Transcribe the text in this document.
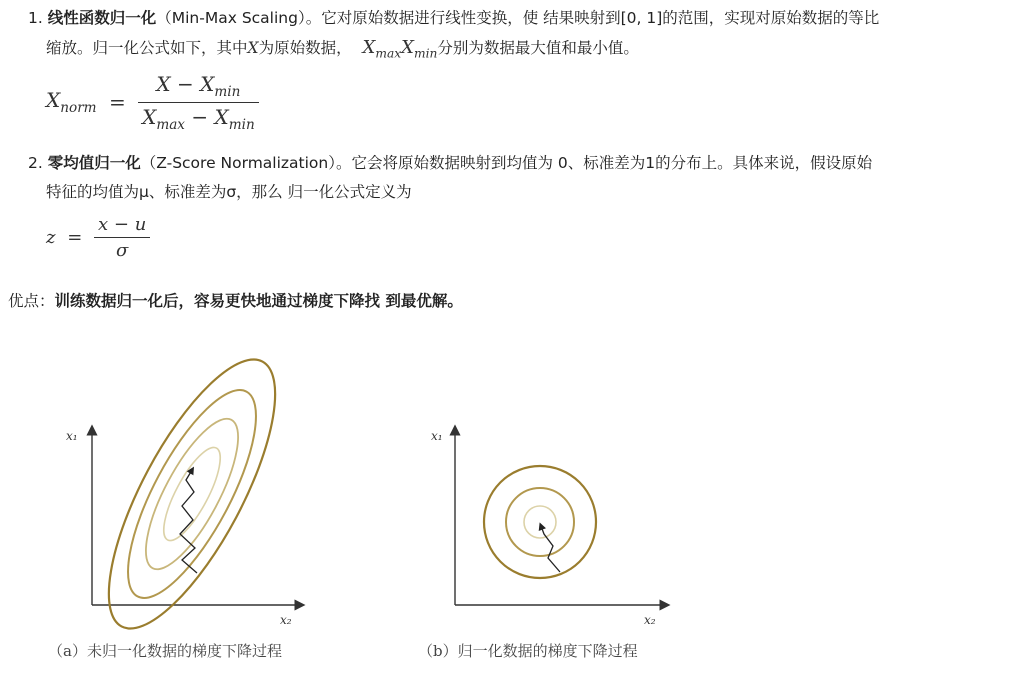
1. 线性函数归一化（Min-Max Scaling）。它对原始数据进行线性变换，使 结果映射到[0, 1]的范围，实现对原始数据的等比
缩放。归一化公式如下，其中X为原始数据， $X_{max}X_{min}$分别为数据最大值和最小值。
$X_{norm} = \frac{X - X_{min}}{X_{max} - X_{min}}$
2. 零均值归一化（Z-Score Normalization）。它会将原始数据映射到均值为 0、标准差为1的分布上。具体来说，假设原始
特征的均值为μ、标准差为σ，那么 归一化公式定义为
$z = \frac{x - u}{\sigma}$
优点：训练数据归一化后，容易更快地通过梯度下降找 到最优解。
x₁
x₂
（a）未归一化数据的梯度下降过程
x₁
x₂
（b）归一化数据的梯度下降过程
